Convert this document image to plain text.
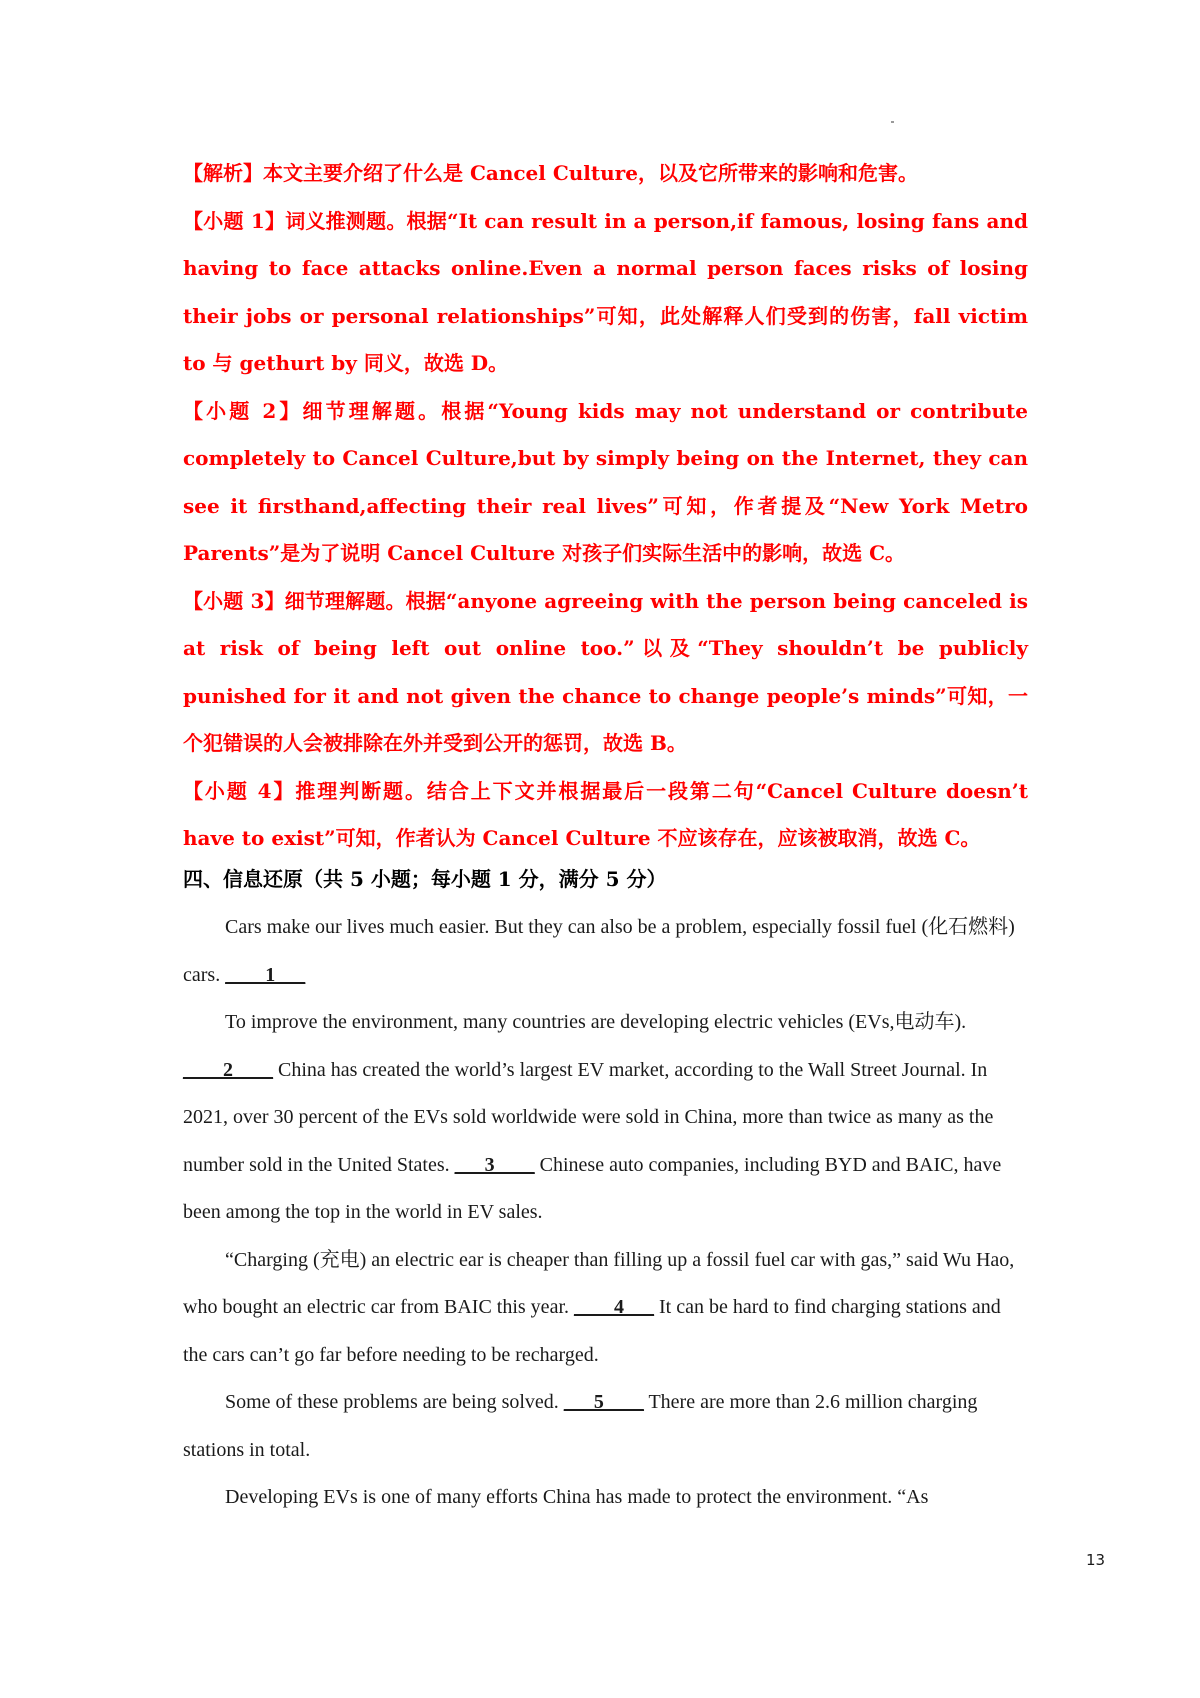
【解析】本文主要介绍了什么是 Cancel Culture，以及它所带来的影响和危害。

【小题 1】词义推测题。根据“It can result in a person,if famous, losing fans and having to face attacks online.Even a normal person faces risks of losing their jobs or personal relationships”可知，此处解释人们受到的伤害，fall victim to 与 gethurt by 同义，故选 D。

【小题 2】细节理解题。根据“Young kids may not understand or contribute completely to Cancel Culture,but by simply being on the Internet, they can see it firsthand,affecting their real lives”可知，作者提及“New York Metro Parents”是为了说明 Cancel Culture 对孩子们实际生活中的影响，故选 C。

【小题 3】细节理解题。根据“anyone agreeing with the person being canceled is at risk of being left out online too.”以及“They shouldn’t be publicly punished for it and not given the chance to change people’s minds”可知，一个犯错误的人会被排除在外并受到公开的惩罚，故选 B。

【小题 4】推理判断题。结合上下文并根据最后一段第二句“Cancel Culture doesn’t have to exist”可知，作者认为 Cancel Culture 不应该存在，应该被取消，故选 C。

四、信息还原（共 5 小题；每小题 1 分，满分 5 分）

Cars make our lives much easier. But they can also be a problem, especially fossil fuel (化石燃料) cars. ____1___

To improve the environment, many countries are developing electric vehicles (EVs,电动车). ____2____ China has created the world’s largest EV market, according to the Wall Street Journal. In 2021, over 30 percent of the EVs sold worldwide were sold in China, more than twice as many as the number sold in the United States. ___3____ Chinese auto companies, including BYD and BAIC, have been among the top in the world in EV sales.

“Charging (充电) an electric ear is cheaper than filling up a fossil fuel car with gas,” said Wu Hao, who bought an electric car from BAIC this year. ____4___ It can be hard to find charging stations and the cars can’t go far before needing to be recharged.

Some of these problems are being solved. ___5____ There are more than 2.6 million charging stations in total.

Developing EVs is one of many efforts China has made to protect the environment. “As

13
